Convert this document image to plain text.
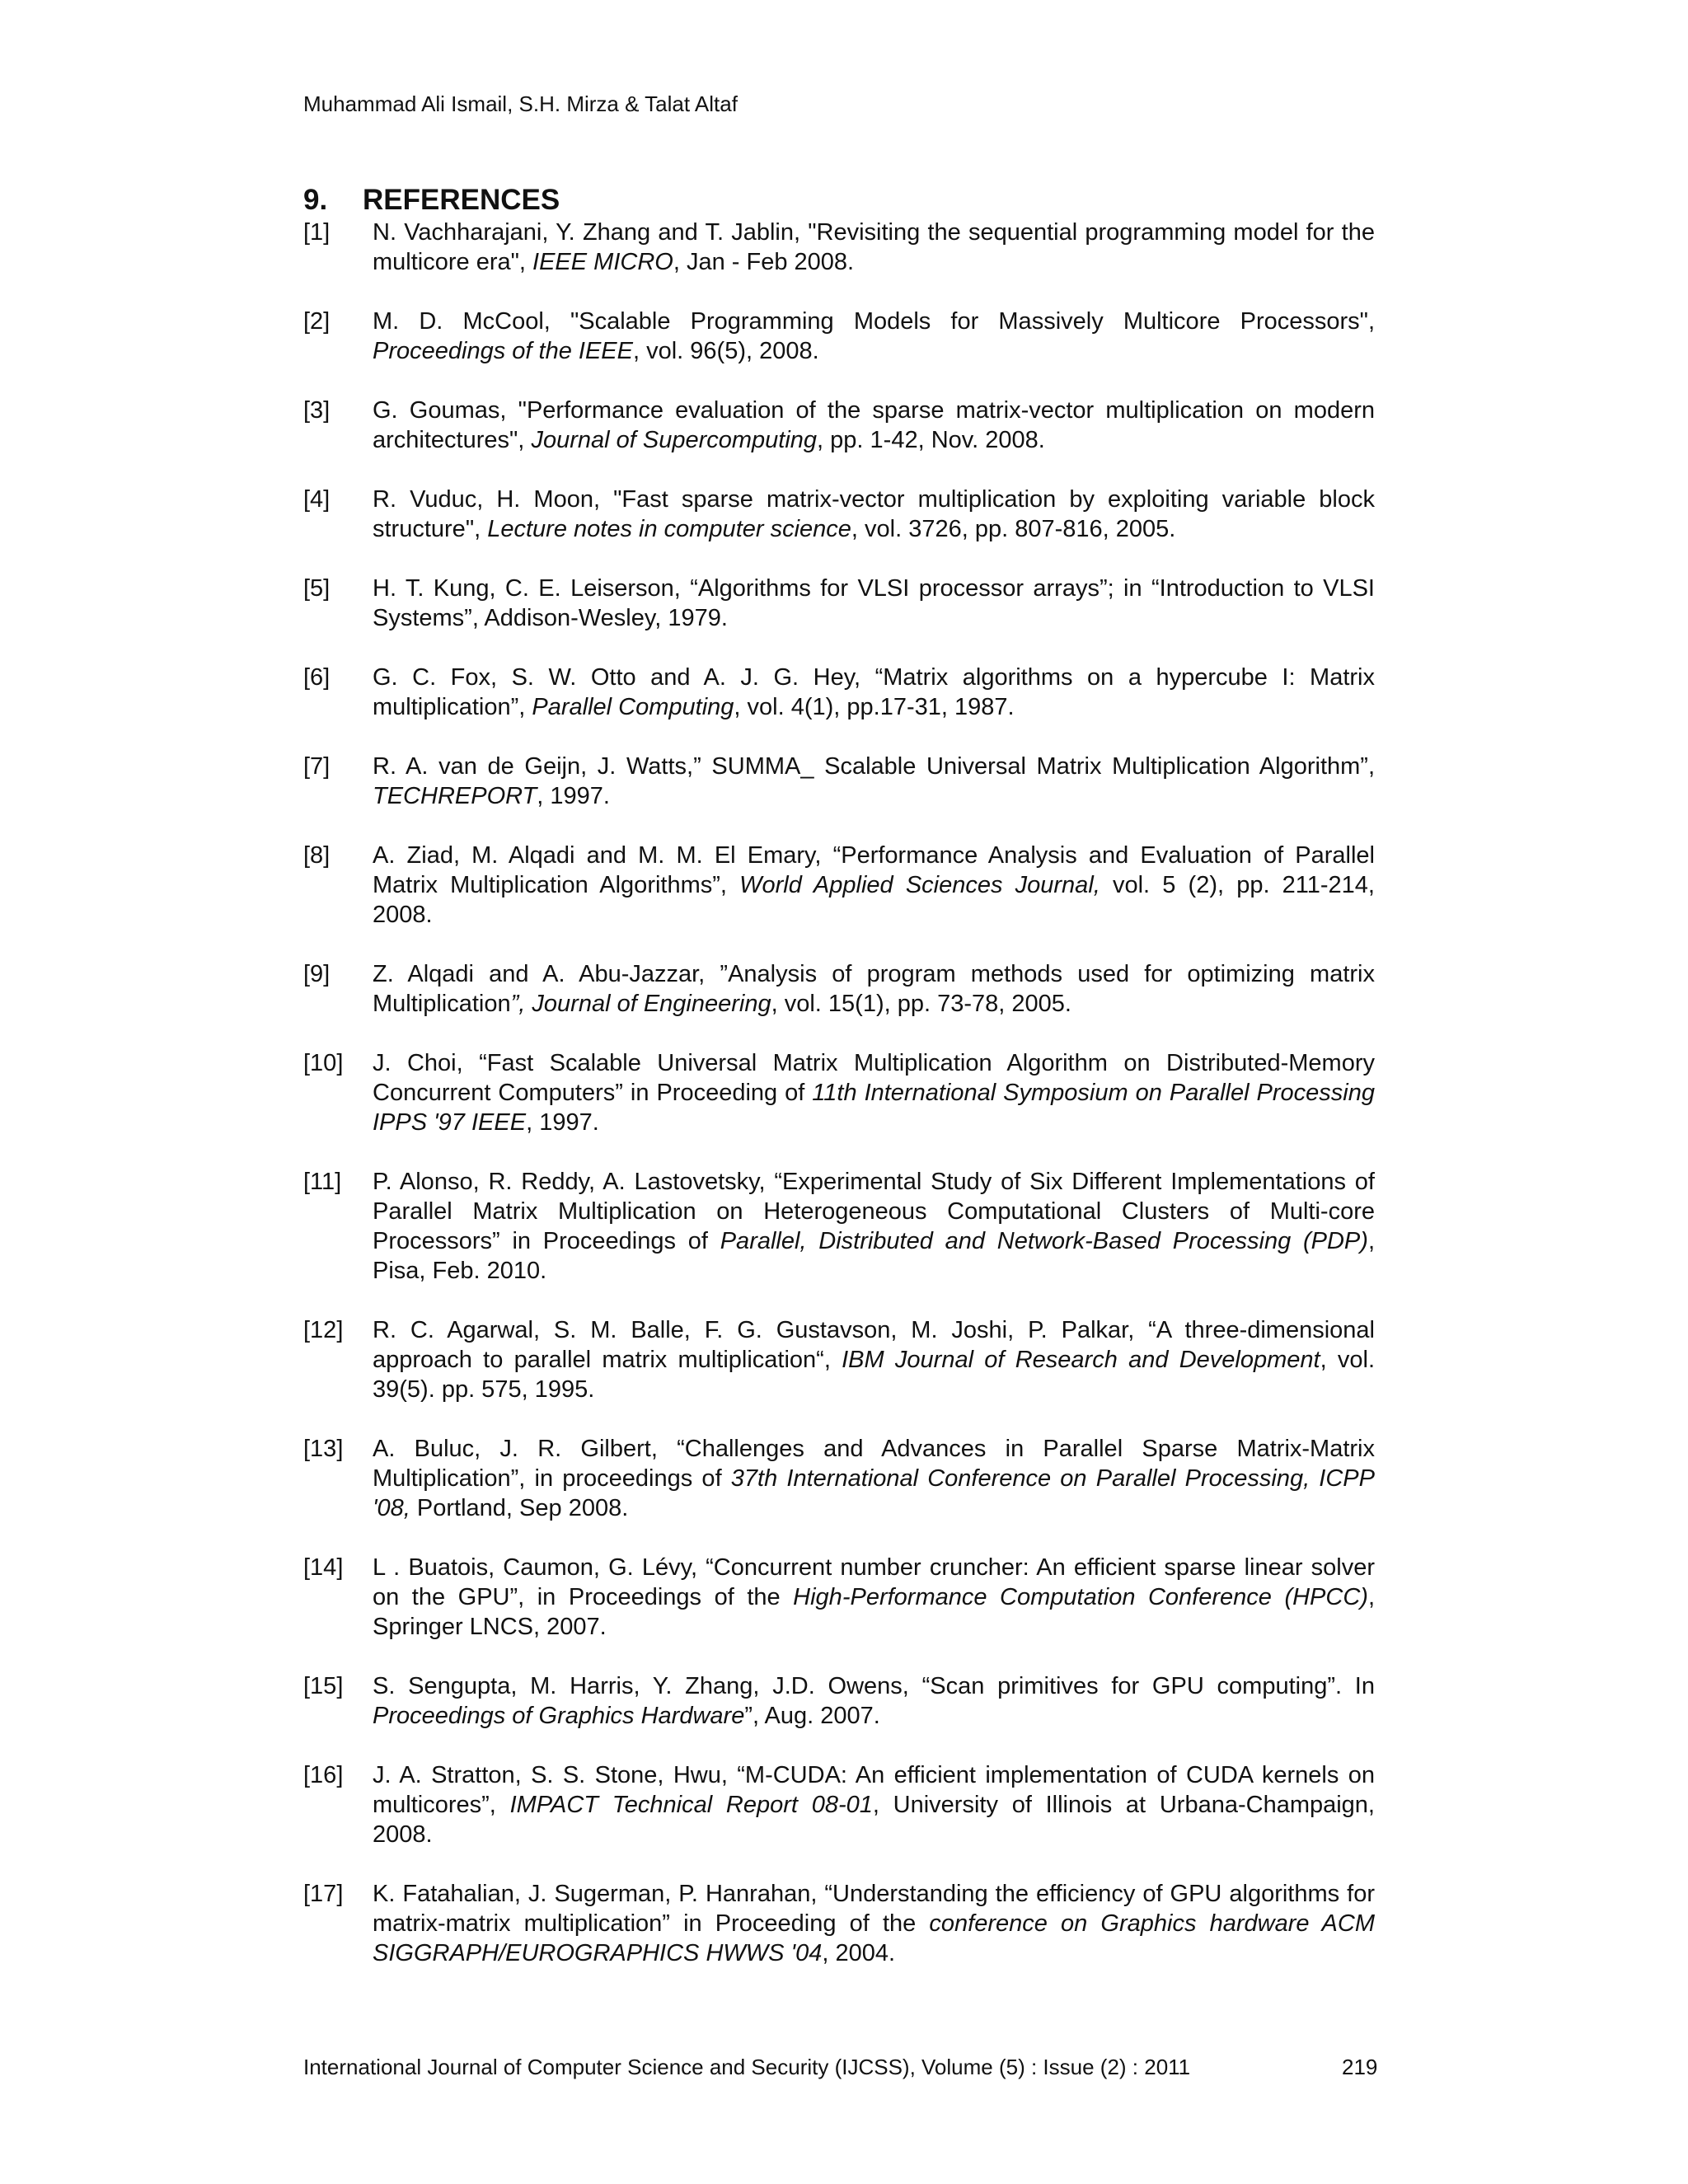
Muhammad Ali Ismail, S.H. Mirza & Talat Altaf
9. REFERENCES
[1] N. Vachharajani, Y. Zhang and T. Jablin, "Revisiting the sequential programming model for the multicore era", IEEE MICRO, Jan - Feb 2008.
[2] M. D. McCool, "Scalable Programming Models for Massively Multicore Processors", Proceedings of the IEEE, vol. 96(5), 2008.
[3] G. Goumas, "Performance evaluation of the sparse matrix-vector multiplication on modern architectures", Journal of Supercomputing, pp. 1-42, Nov. 2008.
[4] R. Vuduc, H. Moon, "Fast sparse matrix-vector multiplication by exploiting variable block structure", Lecture notes in computer science, vol. 3726, pp. 807-816, 2005.
[5] H. T. Kung, C. E. Leiserson, “Algorithms for VLSI processor arrays”; in “Introduction to VLSI Systems”, Addison-Wesley, 1979.
[6] G. C. Fox, S. W. Otto and A. J. G. Hey, “Matrix algorithms on a hypercube I: Matrix multiplication”, Parallel Computing, vol. 4(1), pp.17-31, 1987.
[7] R. A. van de Geijn, J. Watts,” SUMMA_ Scalable Universal Matrix Multiplication Algorithm”, TECHREPORT, 1997.
[8] A. Ziad, M. Alqadi and M. M. El Emary, “Performance Analysis and Evaluation of Parallel Matrix Multiplication Algorithms”, World Applied Sciences Journal, vol. 5 (2), pp. 211-214, 2008.
[9] Z. Alqadi and A. Abu-Jazzar, ”Analysis of program methods used for optimizing matrix Multiplication”, Journal of Engineering, vol. 15(1), pp. 73-78, 2005.
[10] J. Choi, “Fast Scalable Universal Matrix Multiplication Algorithm on Distributed-Memory Concurrent Computers” in Proceeding of 11th International Symposium on Parallel Processing IPPS '97 IEEE, 1997.
[11] P. Alonso, R. Reddy, A. Lastovetsky, “Experimental Study of Six Different Implementations of Parallel Matrix Multiplication on Heterogeneous Computational Clusters of Multi-core Processors” in Proceedings of Parallel, Distributed and Network-Based Processing (PDP), Pisa, Feb. 2010.
[12] R. C. Agarwal, S. M. Balle, F. G. Gustavson, M. Joshi, P. Palkar, “A three-dimensional approach to parallel matrix multiplication“, IBM Journal of Research and Development, vol. 39(5). pp. 575, 1995.
[13] A. Buluc, J. R. Gilbert, “Challenges and Advances in Parallel Sparse Matrix-Matrix Multiplication”, in proceedings of 37th International Conference on Parallel Processing, ICPP '08, Portland, Sep 2008.
[14] L . Buatois, Caumon, G. Lévy, “Concurrent number cruncher: An efficient sparse linear solver on the GPU”, in Proceedings of the High-Performance Computation Conference (HPCC), Springer LNCS, 2007.
[15] S. Sengupta, M. Harris, Y. Zhang, J.D. Owens, “Scan primitives for GPU computing”. In Proceedings of Graphics Hardware”, Aug. 2007.
[16] J. A. Stratton, S. S. Stone, Hwu, “M-CUDA: An efficient implementation of CUDA kernels on multicores”, IMPACT Technical Report 08-01, University of Illinois at Urbana-Champaign, 2008.
[17] K. Fatahalian, J. Sugerman, P. Hanrahan, “Understanding the efficiency of GPU algorithms for matrix-matrix multiplication” in Proceeding of the conference on Graphics hardware ACM SIGGRAPH/EUROGRAPHICS HWWS '04, 2004.
International Journal of Computer Science and Security (IJCSS), Volume (5) : Issue (2) : 2011	219
